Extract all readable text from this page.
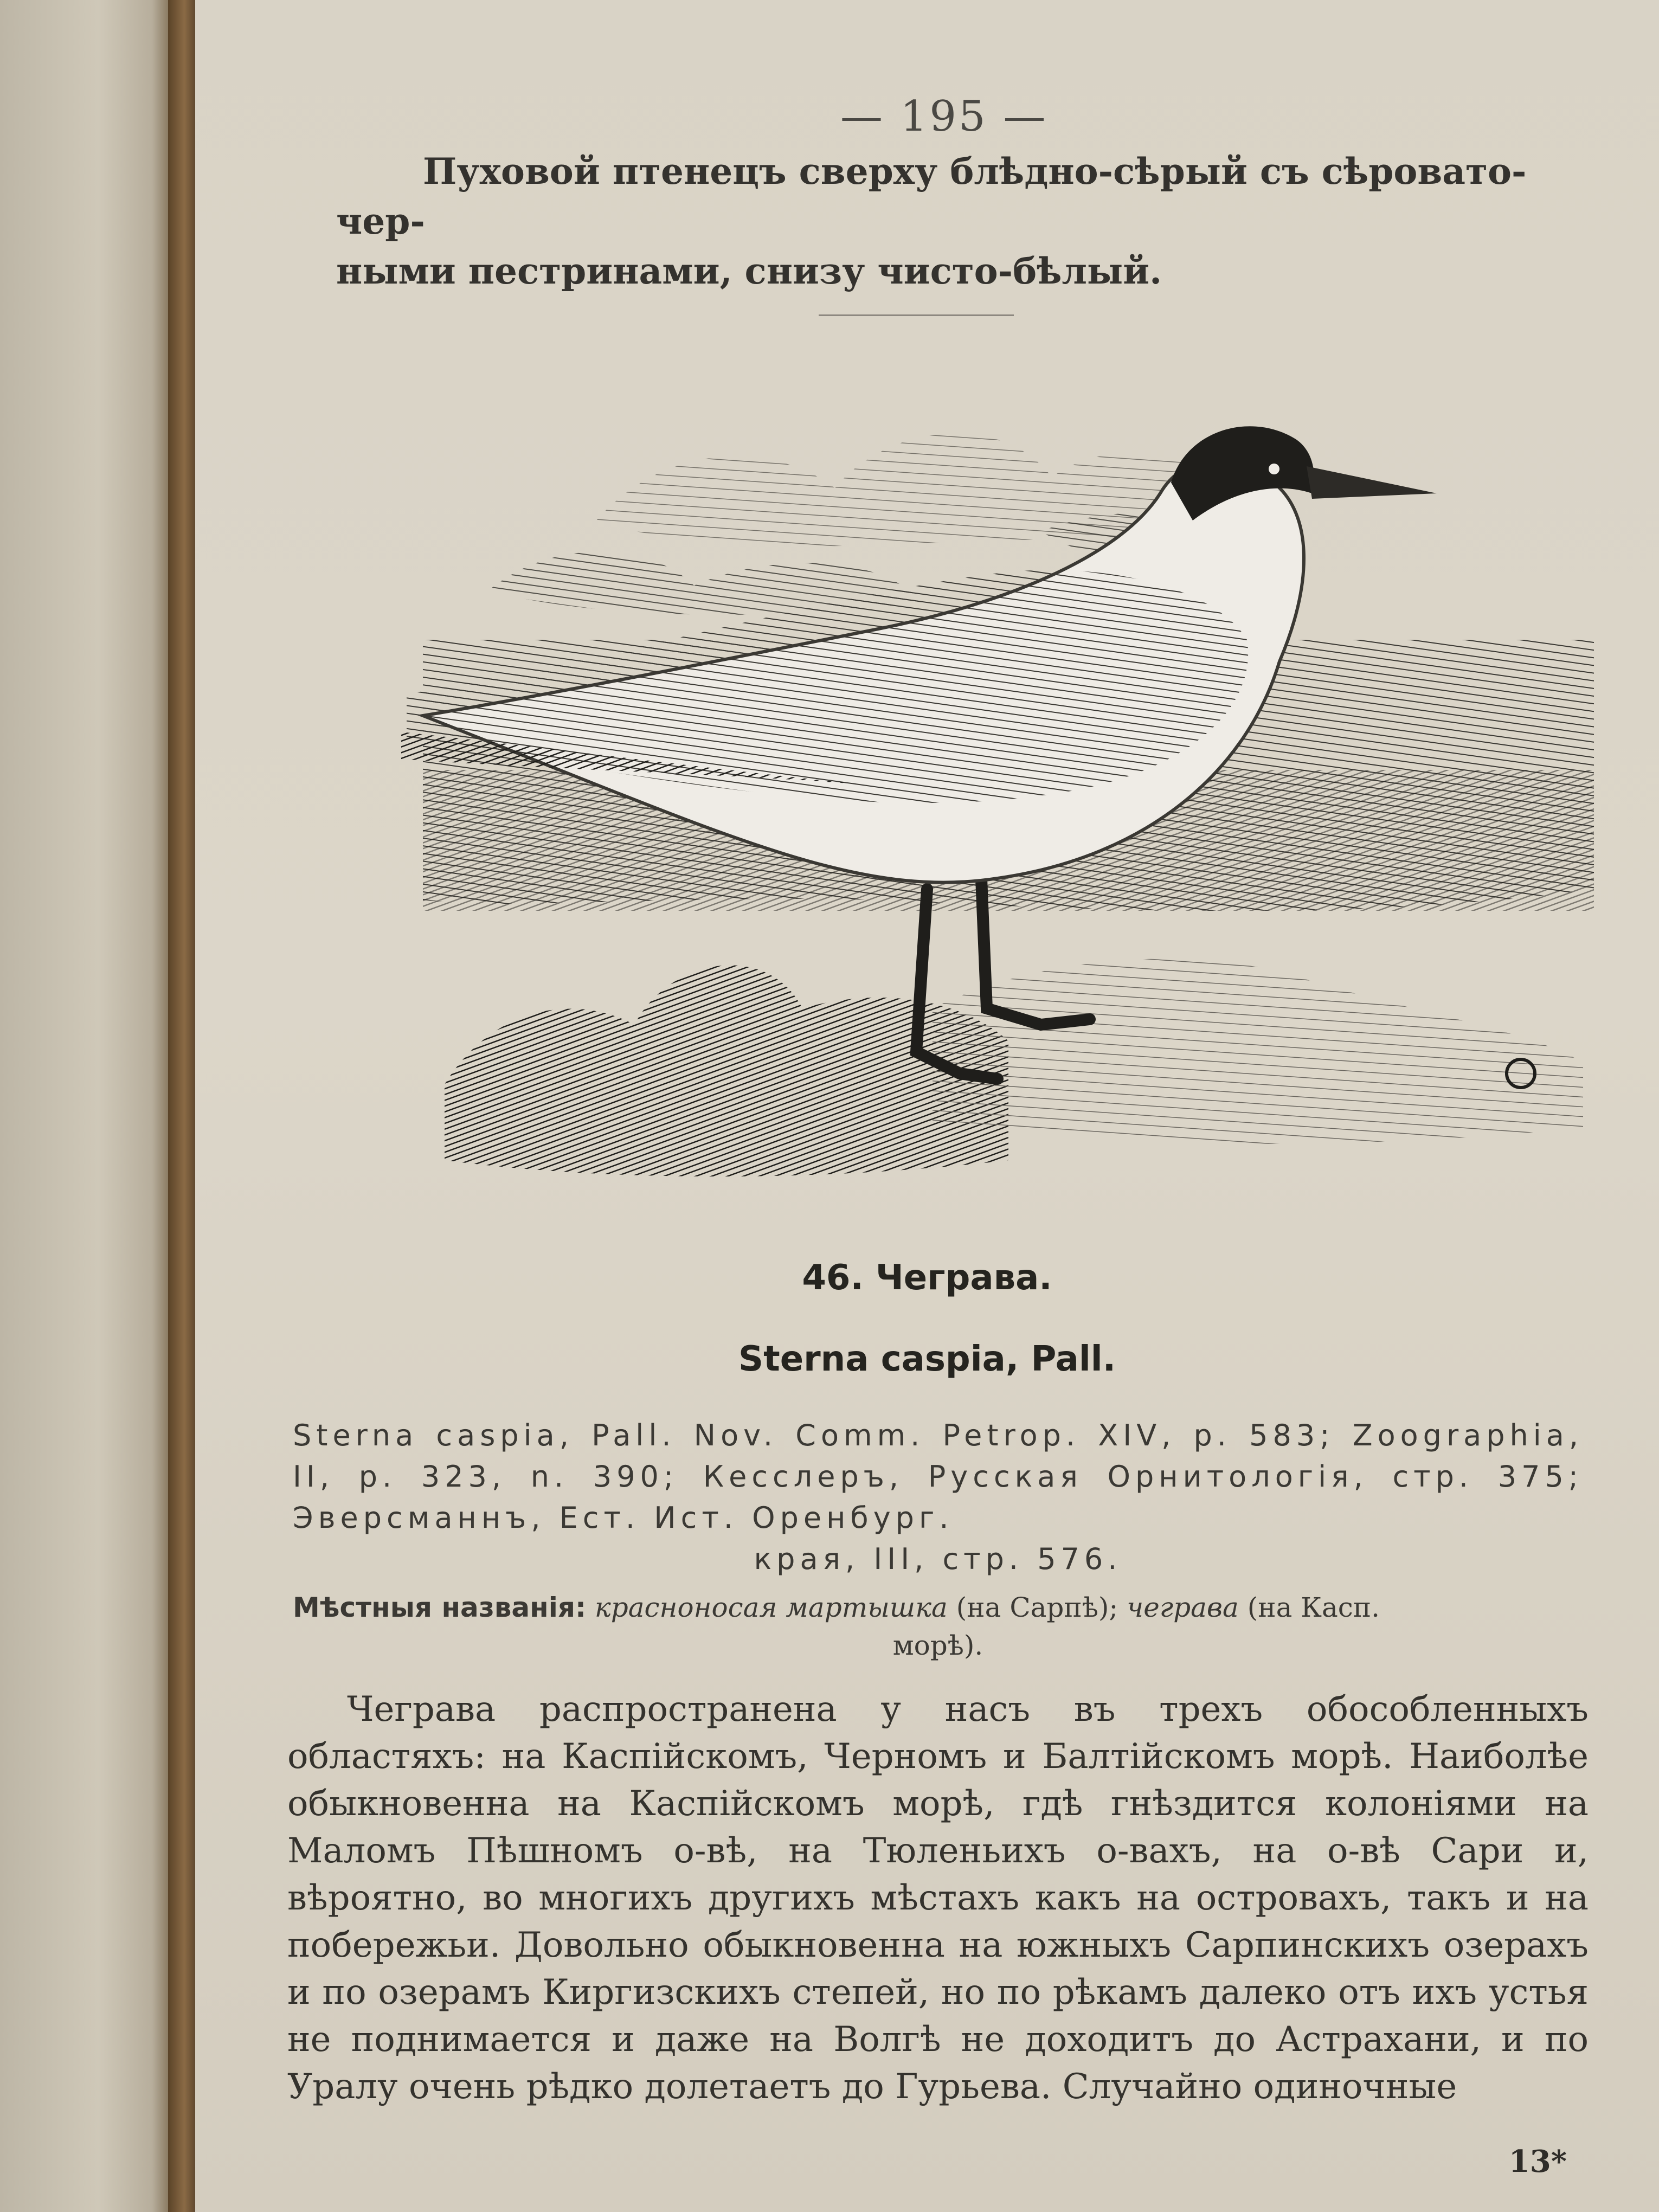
— 195 —
Пуховой птенецъ сверху блѣдно-сѣрый съ сѣровато-чер-
ными пестринами, снизу чисто-бѣлый.
46. Чеграва.
Sterna caspia, Pall.
Sterna caspia, Pall. Nov. Comm. Petrop. XIV, p. 583; Zoographia, II, p. 323, n. 390; Кесслеръ, Русская Орнитологія, стр. 375; Эверсманнъ, Ест. Ист. Оренбург.
края, III, стр. 576.
Мѣстныя названія: красноносая мартышка (на Сарпѣ); чеграва (на Касп.
морѣ).

Чеграва распространена у насъ въ трехъ обособленныхъ областяхъ: на Каспійскомъ, Черномъ и Балтійскомъ морѣ. Наиболѣе обыкновенна на Каспійскомъ морѣ, гдѣ гнѣздится колоніями на Маломъ Пѣшномъ о-вѣ, на Тюленьихъ о-вахъ, на о-вѣ Сари и, вѣроятно, во многихъ другихъ мѣстахъ какъ на островахъ, такъ и на побережьи. Довольно обыкновенна на южныхъ Сарпинскихъ озерахъ и по озерамъ Киргизскихъ степей, но по рѣкамъ далеко отъ ихъ устья не поднимается и даже на Волгѣ не доходитъ до Астрахани, и по Уралу очень рѣдко долетаетъ до Гурьева. Случайно одиночные

13*
